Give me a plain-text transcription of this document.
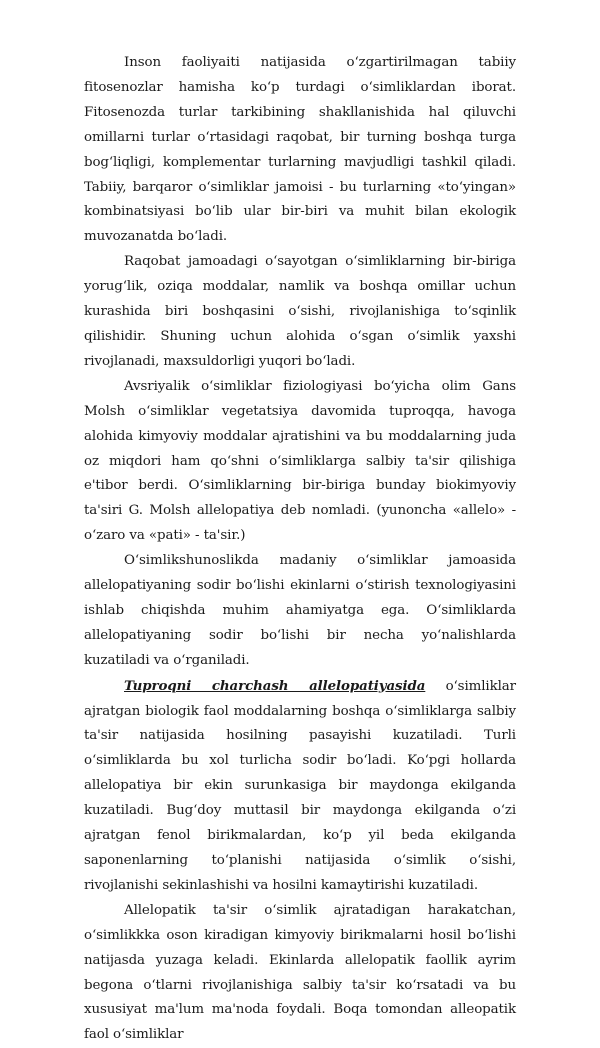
Inson faoliyaiti natijasida o‘zgartirilmagan tabiiy fitosenozlar hamisha ko‘p turdagi o‘simliklardan iborat. Fitosenozda turlar tarkibining shakllanishida hal qiluvchi omillarni turlar o‘rtasidagi raqobat, bir turning boshqa turga bog‘liqligi, komplementar turlarning mavjudligi tashkil qiladi. Tabiiy, barqaror o‘simliklar jamoisi - bu turlarning «to‘yingan» kombinatsiyasi bo‘lib ular bir-biri va muhit bilan ekologik muvozanatda bo‘ladi.

Raqobat jamoadagi o‘sayotgan o‘simliklarning bir-biriga yorug‘lik, oziqa moddalar, namlik va boshqa omillar uchun kurashida biri boshqasini o‘sishi, rivojlanishiga to‘sqinlik qilishidir. Shuning uchun alohida o‘sgan o‘simlik yaxshi rivojlanadi, maxsuldorligi yuqori bo‘ladi.

Avsriyalik o‘simliklar fiziologiyasi bo‘yicha olim Gans Molsh o‘simliklar vegetatsiya davomida tuproqqa, havoga alohida kimyoviy moddalar ajratishini va bu moddalarning juda oz miqdori ham qo‘shni o‘simliklarga salbiy ta'sir qilishiga e'tibor berdi. O‘simliklarning bir-biriga bunday biokimyoviy ta'siri G. Molsh allelopatiya deb nomladi. (yunoncha «allelo» - o‘zaro va «pati» - ta'sir.)

O‘simlikshunoslikda madaniy o‘simliklar jamoasida allelopatiyaning sodir bo‘lishi ekinlarni o‘stirish texnologiyasini ishlab chiqishda muhim ahamiyatga ega. O‘simliklarda allelopatiyaning sodir bo‘lishi bir necha yo‘nalishlarda kuzatiladi va o‘rganiladi.

Tuproqni charchash allelopatiyasida o‘simliklar ajratgan biologik faol moddalarning boshqa o‘simliklarga salbiy ta'sir natijasida hosilning pasayishi kuzatiladi. Turli o‘simliklarda bu xol turlicha sodir bo‘ladi. Ko‘pgi hollarda allelopatiya bir ekin surunkasiga bir maydonga ekilganda kuzatiladi. Bug‘doy muttasil bir maydonga ekilganda o‘zi ajratgan fenol birikmalardan, ko‘p yil beda ekilganda saponenlarning to‘planishi natijasida o‘simlik o‘sishi, rivojlanishi sekinlashishi va hosilni kamaytirishi kuzatiladi.

Allelopatik ta'sir o‘simlik ajratadigan harakatchan, o‘simlikkka oson kiradigan kimyoviy birikmalarni hosil bo‘lishi natijasda yuzaga keladi. Ekinlarda allelopatik faollik ayrim begona o‘tlarni rivojlanishiga salbiy ta'sir ko‘rsatadi va bu xususiyat ma'lum ma'noda foydali. Boqa tomondan alleopatik faol o‘simliklar
